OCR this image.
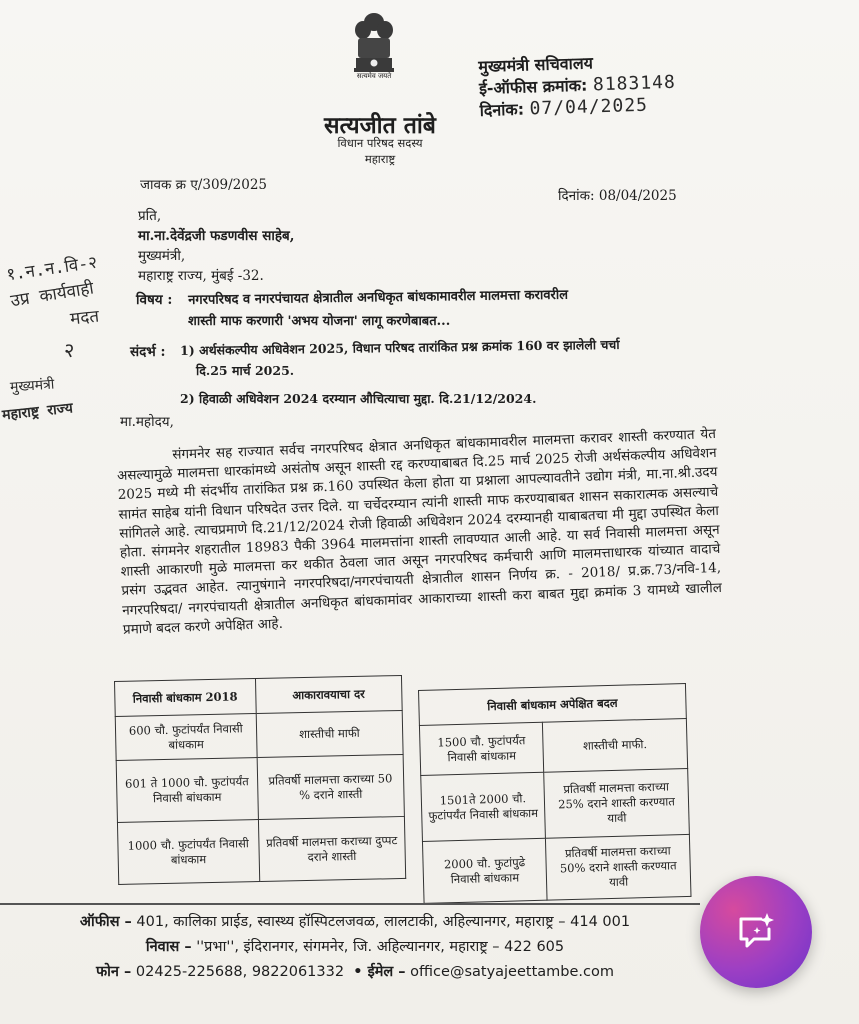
सत्यमेव जयते
सत्यजीत तांबे
विधान परिषद सदस्य
महाराष्ट्र
मुख्यमंत्री सचिवालय
ई-ऑफीस क्रमांक: 8183148
दिनांक: 07/04/2025
जावक क्र ए/309/2025
दिनांक: 08/04/2025
प्रति,
मा.ना.देवेंद्रजी फडणवीस साहेब,
मुख्यमंत्री,
महाराष्ट्र राज्य, मुंबई -32.
१.न.न.वि-२
उप्र कार्यवाही
मदत
२
मुख्यमंत्री
महाराष्ट्र राज्य
विषय : नगरपरिषद व नगरपंचायत क्षेत्रातील अनधिकृत बांधकामावरील मालमत्ता करावरील
शास्ती माफ करणारी 'अभय योजना' लागू करणेबाबत...
संदर्भ : 1) अर्थसंकल्पीय अधिवेशन 2025, विधान परिषद तारांकित प्रश्न क्रमांक 160 वर झालेली चर्चा
दि.25 मार्च 2025.
2) हिवाळी अधिवेशन 2024 दरम्यान औचित्याचा मुद्दा. दि.21/12/2024.
मा.महोदय,

संगमनेर सह राज्यात सर्वच नगरपरिषद क्षेत्रात अनधिकृत बांधकामावरील मालमत्ता करावर शास्ती करण्यात येत असल्यामुळे मालमत्ता धारकांमध्ये असंतोष असून शास्ती रद्द करण्याबाबत दि.25 मार्च 2025 रोजी अर्थसंकल्पीय अधिवेशन 2025 मध्ये मी संदर्भीय तारांकित प्रश्न क्र.160 उपस्थित केला होता या प्रश्नाला आपल्यावतीने उद्योग मंत्री, मा.ना.श्री.उदय सामंत साहेब यांनी विधान परिषदेत उत्तर दिले. या चर्चेदरम्यान त्यांनी शास्ती माफ करण्याबाबत शासन सकारात्मक असल्याचे सांगितले आहे. त्याचप्रमाणे दि.21/12/2024 रोजी हिवाळी अधिवेशन 2024 दरम्यानही याबाबतचा मी मुद्दा उपस्थित केला होता. संगमनेर शहरातील 18983 पैकी 3964 मालमत्तांना शास्ती लावण्यात आली आहे. या सर्व निवासी मालमत्ता असून शास्ती आकारणी मुळे मालमत्ता कर थकीत ठेवला जात असून नगरपरिषद कर्मचारी आणि मालमत्ताधारक यांच्यात वादाचे प्रसंग उद्भवत आहेत. त्यानुषंगाने नगरपरिषदा/नगरपंचायती क्षेत्रातील शासन निर्णय क्र. - 2018/ प्र.क्र.73/नवि-14, नगरपरिषदा/ नगरपंचायती क्षेत्रातील अनधिकृत बांधकामांवर आकाराच्या शास्ती करा बाबत मुद्दा क्रमांक 3 यामध्ये खालील प्रमाणे बदल करणे अपेक्षित आहे.

निवासी बांधकाम 2018	आकारावयाचा दर
600 चौ. फुटांपर्यंत निवासी बांधकाम	शास्तीची माफी
601 ते 1000 चौ. फुटांपर्यंत निवासी बांधकाम	प्रतिवर्षी मालमत्ता कराच्या 50 % दराने शास्ती
1000 चौ. फुटांपर्यंत निवासी बांधकाम	प्रतिवर्षी मालमत्ता कराच्या दुप्पट दराने शास्ती
निवासी बांधकाम अपेक्षित बदल	
1500 चौ. फुटांपर्यंत निवासी बांधकाम	शास्तीची माफी.
1501ते 2000 चौ. फुटांपर्यंत निवासी बांधकाम	प्रतिवर्षी मालमत्ता कराच्या 25% दराने शास्ती करण्यात यावी
2000 चौ. फुटांपुढे निवासी बांधकाम	प्रतिवर्षी मालमत्ता कराच्या 50% दराने शास्ती करण्यात यावी
ऑफीस – 401, कालिका प्राईड, स्वास्थ्य हॉस्पिटलजवळ, लालटाकी, अहिल्यानगर, महाराष्ट्र – 414 001
निवास – ''प्रभा'', इंदिरानगर, संगमनेर, जि. अहिल्यानगर, महाराष्ट्र – 422 605
फोन – 02425-225688, 9822061332 • ईमेल – office@satyajeettambe.com
